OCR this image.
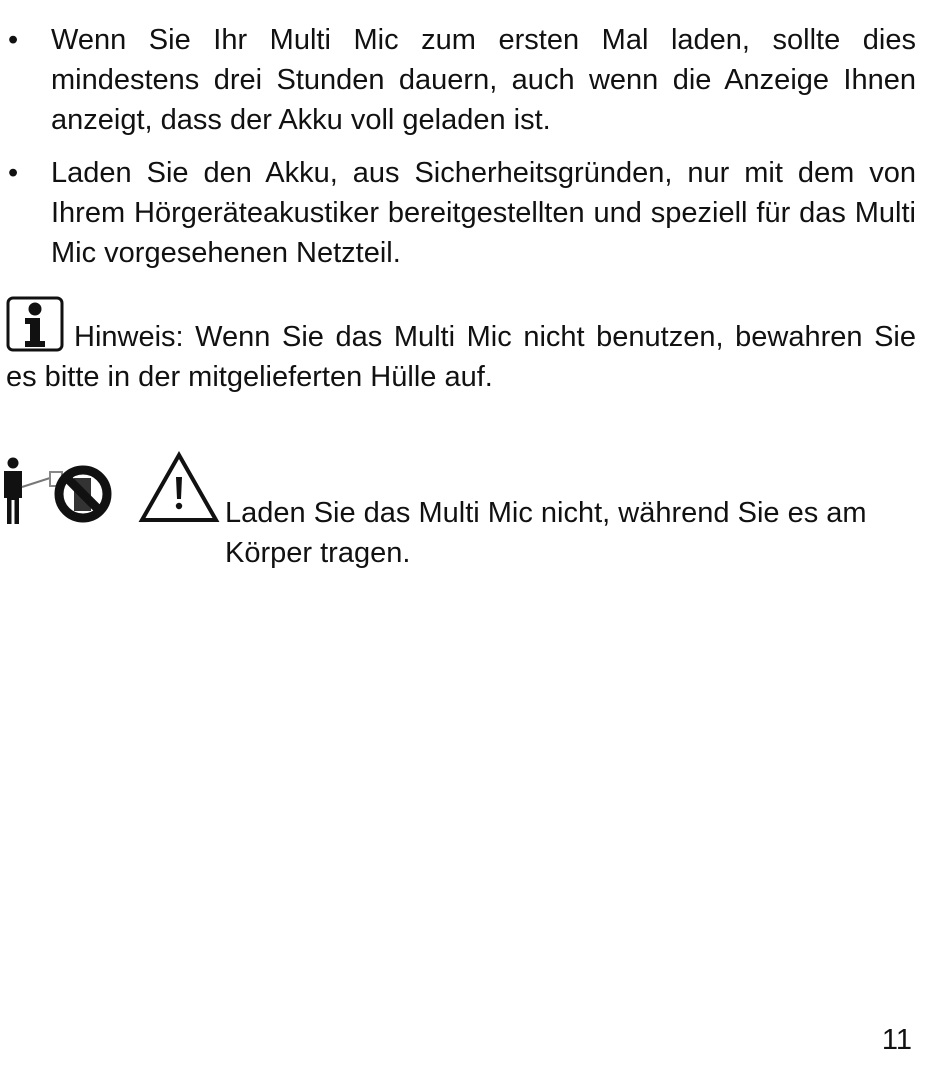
• Wenn Sie Ihr Multi Mic zum ersten Mal laden, sollte dies mindestens drei Stunden dauern, auch wenn die Anzeige Ihnen anzeigt, dass der Akku voll geladen ist.
• Laden Sie den Akku, aus Sicherheitsgründen, nur mit dem von Ihrem Hörgeräteakustiker bereitgestellten und speziell für das Multi Mic vorgesehenen Netzteil.
Hinweis: Wenn Sie das Multi Mic nicht benutzen, bewahren Sie es bitte in der mitgelieferten Hülle auf.

Laden Sie das Multi Mic nicht, während Sie es am Körper tragen.

11
